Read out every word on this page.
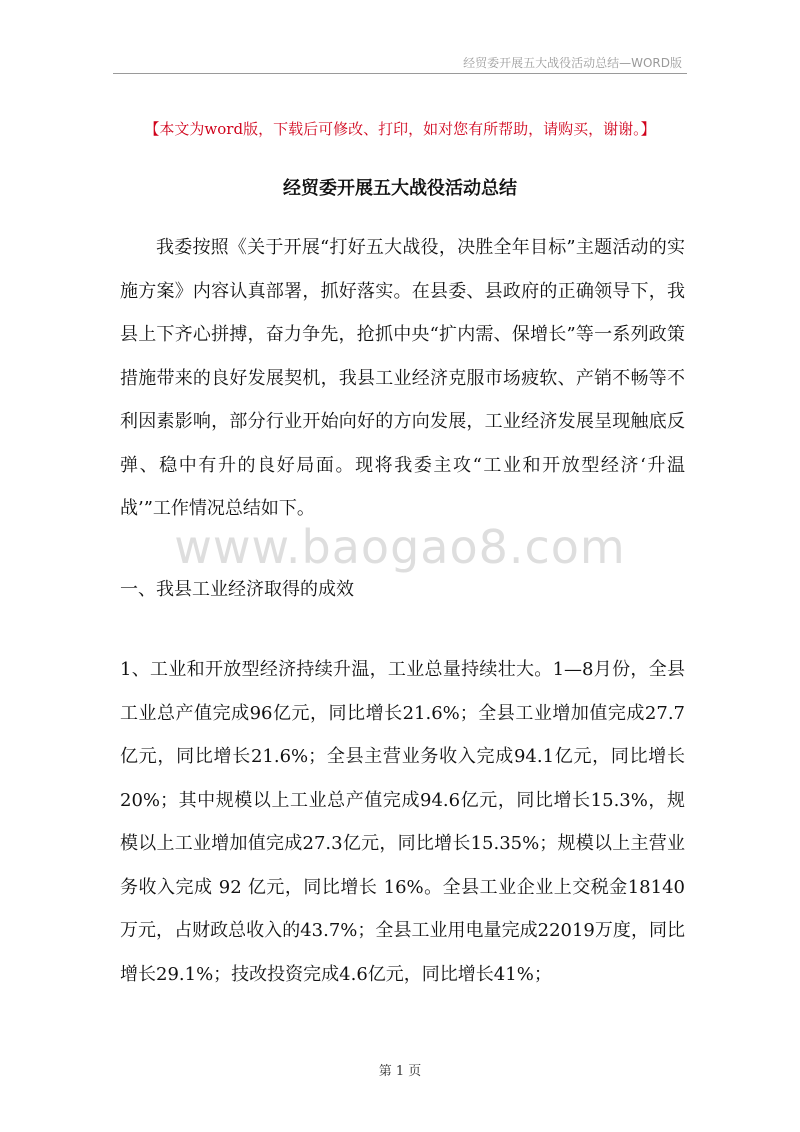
经贸委开展五大战役活动总结—WORD版
【本文为word版，下载后可修改、打印，如对您有所帮助，请购买，谢谢。】
经贸委开展五大战役活动总结

我委按照《关于开展“打好五大战役，决胜全年目标”主题活动的实施方案》内容认真部署，抓好落实。在县委、县政府的正确领导下，我县上下齐心拼搏，奋力争先，抢抓中央“扩内需、保增长”等一系列政策措施带来的良好发展契机，我县工业经济克服市场疲软、产销不畅等不利因素影响，部分行业开始向好的方向发展，工业经济发展呈现触底反弹、稳中有升的良好局面。现将我委主攻“工业和开放型经济‘升温战’”工作情况总结如下。

www.baogao8.com
一、我县工业经济取得的成效

1、工业和开放型经济持续升温，工业总量持续壮大。1—8月份，全县工业总产值完成96亿元，同比增长21.6%；全县工业增加值完成27.7亿元，同比增长21.6%；全县主营业务收入完成94.1亿元，同比增长20%；其中规模以上工业总产值完成94.6亿元，同比增长15.3%，规模以上工业增加值完成27.3亿元，同比增长15.35%；规模以上主营业务收入完成 92 亿元，同比增长 16%。全县工业企业上交税金18140万元，占财政总收入的43.7%；全县工业用电量完成22019万度，同比增长29.1%；技改投资完成4.6亿元，同比增长41%；

第 1 页
